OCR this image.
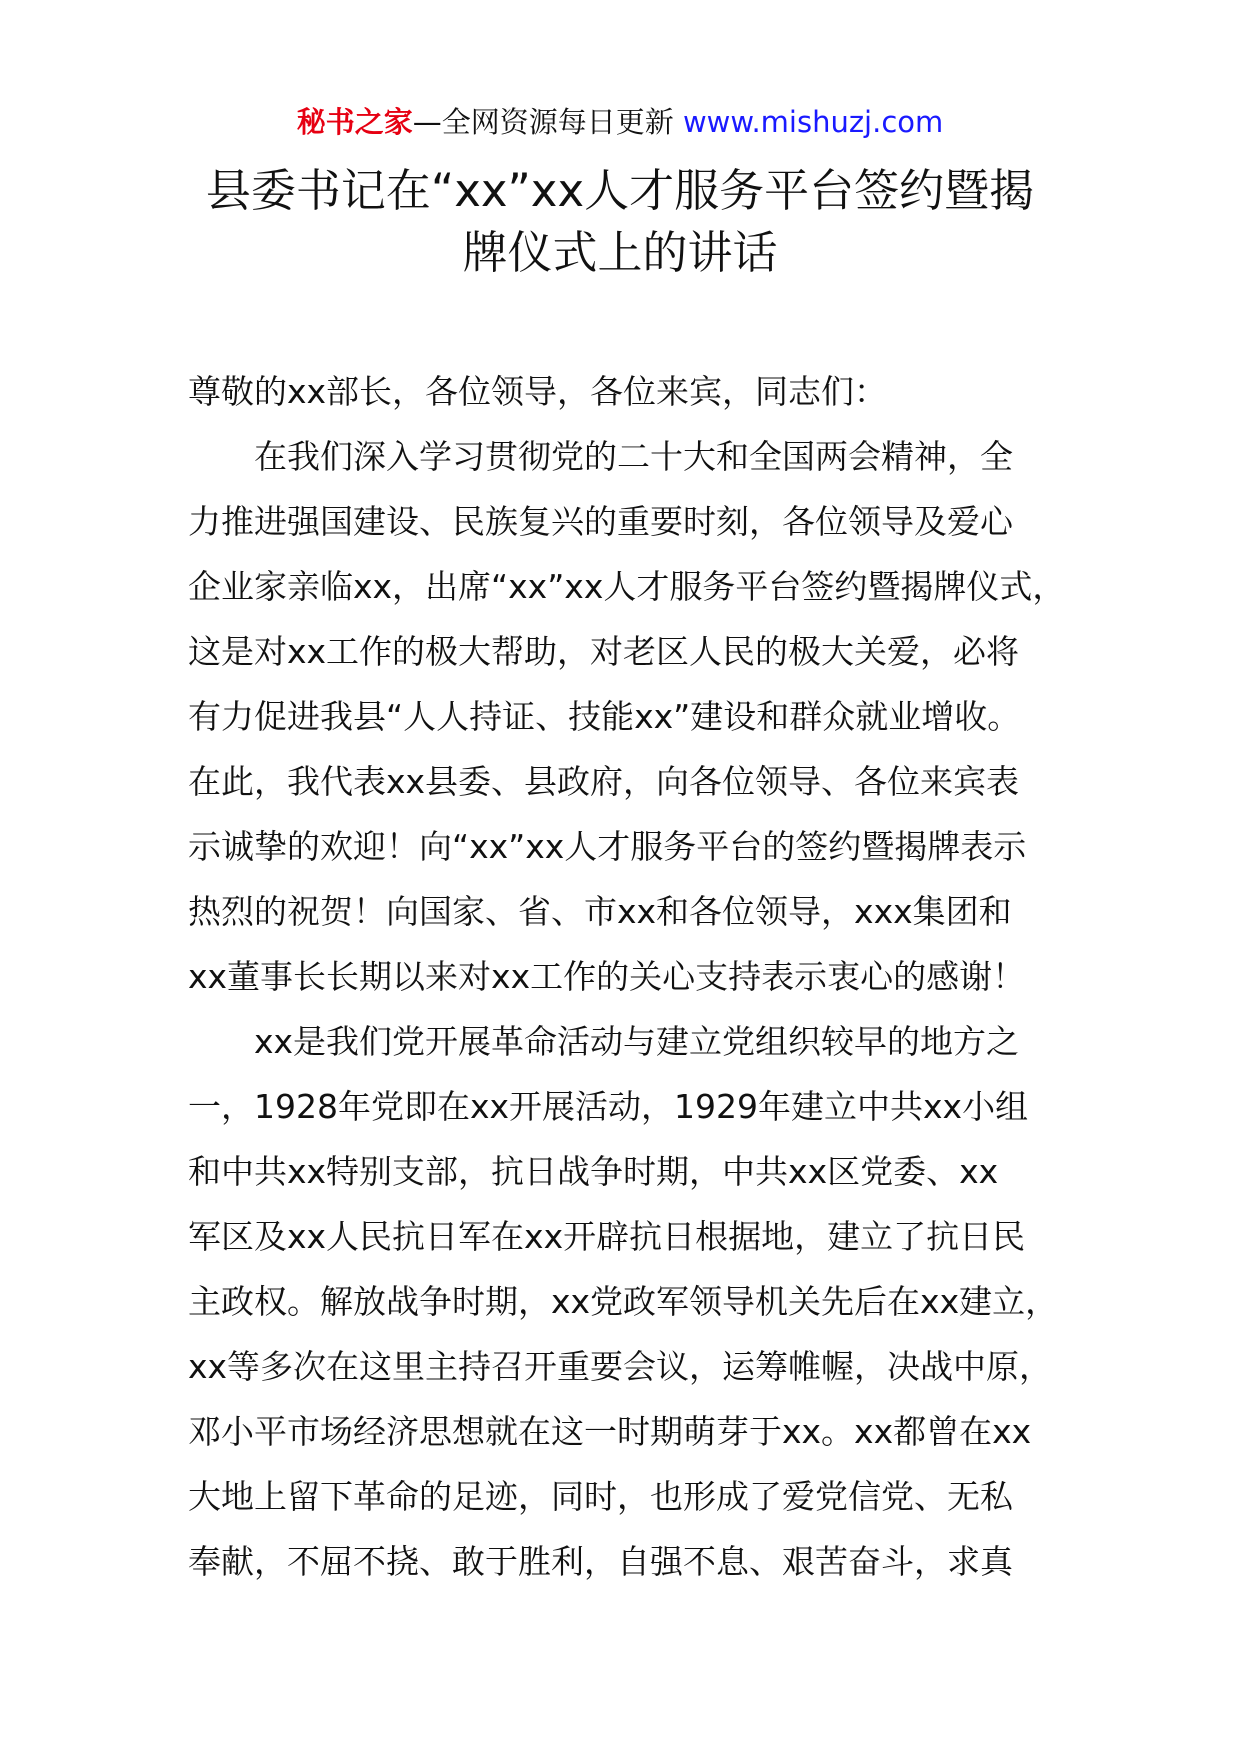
秘书之家—全网资源每日更新 www.mishuzj.com
县委书记在“xx”xx人才服务平台签约暨揭
牌仪式上的讲话
尊敬的xx部长，各位领导，各位来宾，同志们：
在我们深入学习贯彻党的二十大和全国两会精神，全
力推进强国建设、民族复兴的重要时刻，各位领导及爱心
企业家亲临xx，出席“xx”xx人才服务平台签约暨揭牌仪式，
这是对xx工作的极大帮助，对老区人民的极大关爱，必将
有力促进我县“人人持证、技能xx”建设和群众就业增收。
在此，我代表xx县委、县政府，向各位领导、各位来宾表
示诚挚的欢迎！向“xx”xx人才服务平台的签约暨揭牌表示
热烈的祝贺！向国家、省、市xx和各位领导，xxx集团和
xx董事长长期以来对xx工作的关心支持表示衷心的感谢！
xx是我们党开展革命活动与建立党组织较早的地方之
一，1928年党即在xx开展活动，1929年建立中共xx小组
和中共xx特别支部，抗日战争时期，中共xx区党委、xx
军区及xx人民抗日军在xx开辟抗日根据地，建立了抗日民
主政权。解放战争时期，xx党政军领导机关先后在xx建立，
xx等多次在这里主持召开重要会议，运筹帷幄，决战中原，
邓小平市场经济思想就在这一时期萌芽于xx。xx都曾在xx
大地上留下革命的足迹，同时，也形成了爱党信党、无私
奉献，不屈不挠、敢于胜利，自强不息、艰苦奋斗，求真
